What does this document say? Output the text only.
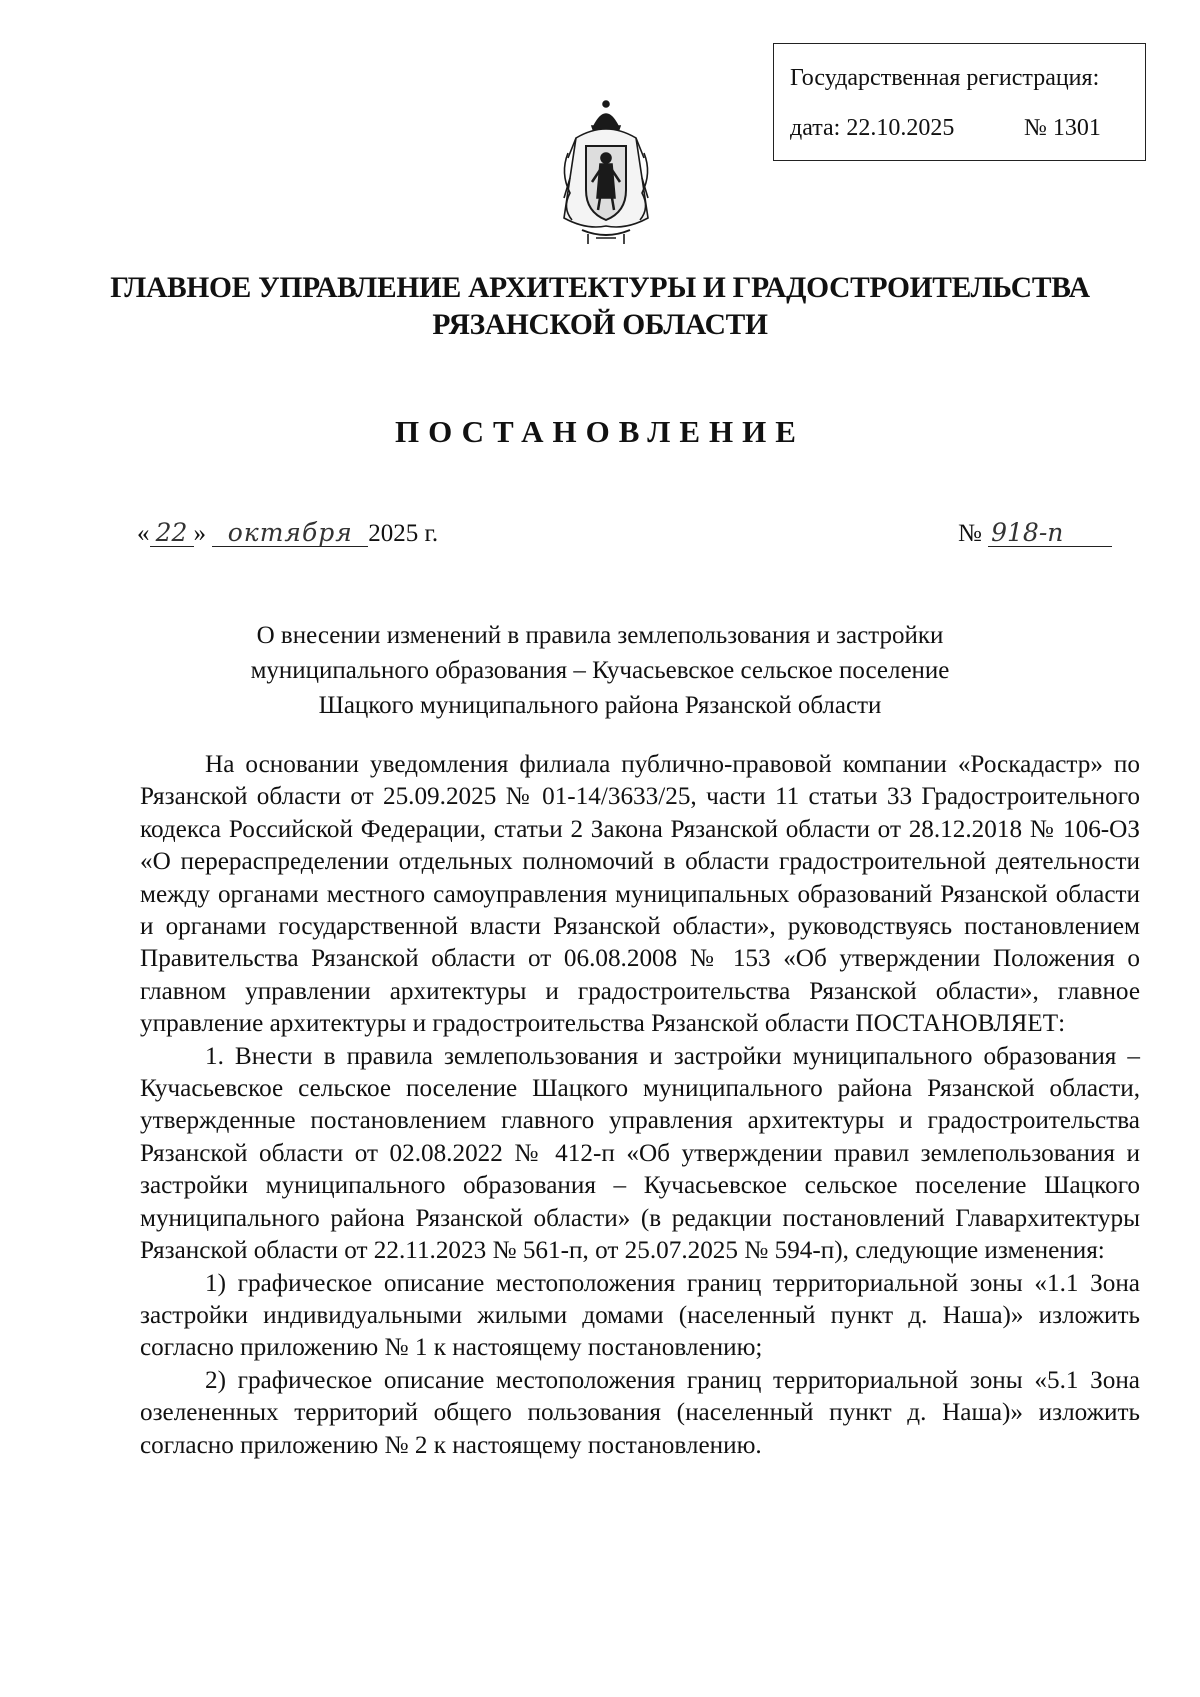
Государственная регистрация:
дата: 22.10.2025	№ 1301
ГЛАВНОЕ УПРАВЛЕНИЕ АРХИТЕКТУРЫ И ГРАДОСТРОИТЕЛЬСТВА
РЯЗАНСКОЙ ОБЛАСТИ
ПОСТАНОВЛЕНИЕ
« 22 » октября 2025 г.	№ 918-п
О внесении изменений в правила землепользования и застройки
муниципального образования – Кучасьевское сельское поселение
Шацкого муниципального района Рязанской области

На основании уведомления филиала публично-правовой компании «Роскадастр» по Рязанской области от 25.09.2025 № 01-14/3633/25, части 11 статьи 33 Градостроительного кодекса Российской Федерации, статьи 2 Закона Рязанской области от 28.12.2018 № 106-ОЗ «О перераспределении отдельных полномочий в области градостроительной деятельности между органами местного самоуправления муниципальных образований Рязанской области и органами государственной власти Рязанской области», руководствуясь постановлением Правительства Рязанской области от 06.08.2008 № 153 «Об утверждении Положения о главном управлении архитектуры и градостроительства Рязанской области», главное управление архитектуры и градостроительства Рязанской области ПОСТАНОВЛЯЕТ:

1. Внести в правила землепользования и застройки муниципального образования – Кучасьевское сельское поселение Шацкого муниципального района Рязанской области, утвержденные постановлением главного управления архитектуры и градостроительства Рязанской области от 02.08.2022 № 412-п «Об утверждении правил землепользования и застройки муниципального образования – Кучасьевское сельское поселение Шацкого муниципального района Рязанской области» (в редакции постановлений Главархитектуры Рязанской области от 22.11.2023 № 561-п, от 25.07.2025 № 594-п), следующие изменения:

1) графическое описание местоположения границ территориальной зоны «1.1 Зона застройки индивидуальными жилыми домами (населенный пункт д. Наша)» изложить согласно приложению № 1 к настоящему постановлению;

2) графическое описание местоположения границ территориальной зоны «5.1 Зона озелененных территорий общего пользования (населенный пункт д. Наша)» изложить согласно приложению № 2 к настоящему постановлению.
